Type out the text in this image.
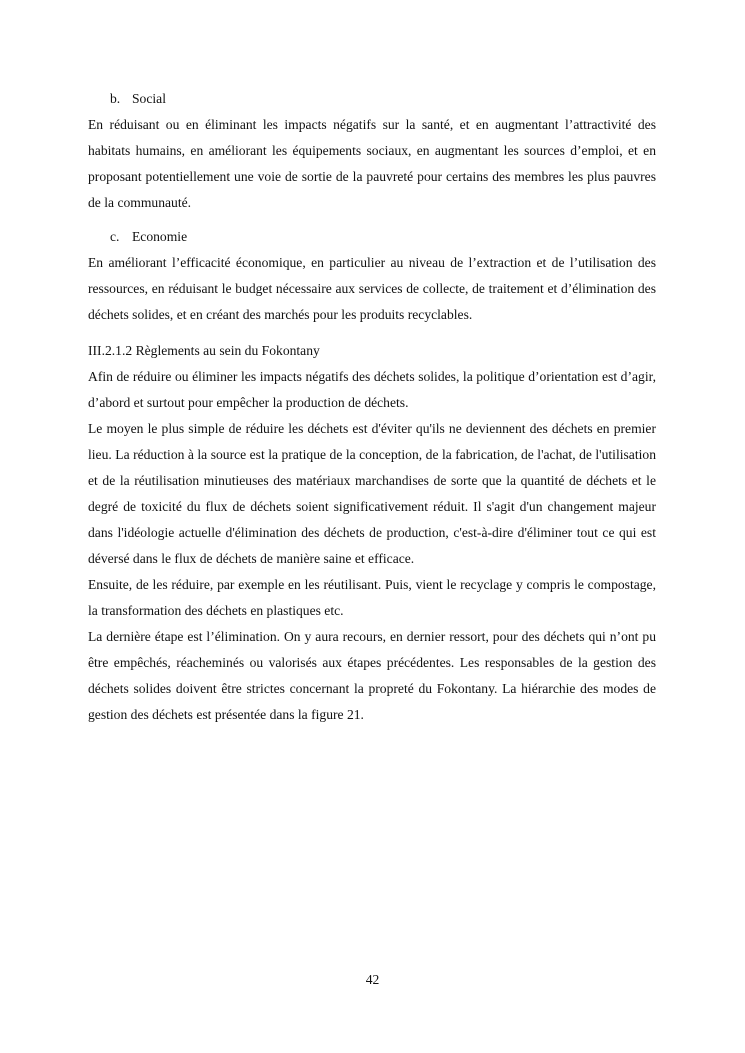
b. Social

En réduisant ou en éliminant les impacts négatifs sur la santé, et en augmentant l’attractivité des habitats humains, en améliorant les équipements sociaux, en augmentant les sources d’emploi, et en proposant potentiellement une voie de sortie de la pauvreté pour certains des membres les plus pauvres de la communauté.

c. Economie

En améliorant l’efficacité économique, en particulier au niveau de l’extraction et de l’utilisation des ressources, en réduisant le budget nécessaire aux services de collecte, de traitement et d’élimination des déchets solides, et en créant des marchés pour les produits recyclables.

III.2.1.2 Règlements au sein du Fokontany

Afin de réduire ou éliminer les impacts négatifs des déchets solides, la politique d’orientation est d’agir, d’abord et surtout pour empêcher la production de déchets.

Le moyen le plus simple de réduire les déchets est d'éviter qu'ils ne deviennent des déchets en premier lieu. La réduction à la source est la pratique de la conception, de la fabrication, de l'achat, de l'utilisation et de la réutilisation minutieuses des matériaux marchandises de sorte que la quantité de déchets et le degré de toxicité du flux de déchets soient significativement réduit. Il s'agit d'un changement majeur dans l'idéologie actuelle d'élimination des déchets de production, c'est-à-dire d'éliminer tout ce qui est déversé dans le flux de déchets de manière saine et efficace.

Ensuite, de les réduire, par exemple en les réutilisant. Puis, vient le recyclage y compris le compostage, la transformation des déchets en plastiques etc.

La dernière étape est l’élimination. On y aura recours, en dernier ressort, pour des déchets qui n’ont pu être empêchés, réacheminés ou valorisés aux étapes précédentes. Les responsables de la gestion des déchets solides doivent être strictes concernant la propreté du Fokontany. La hiérarchie des modes de gestion des déchets est présentée dans la figure 21.

42
